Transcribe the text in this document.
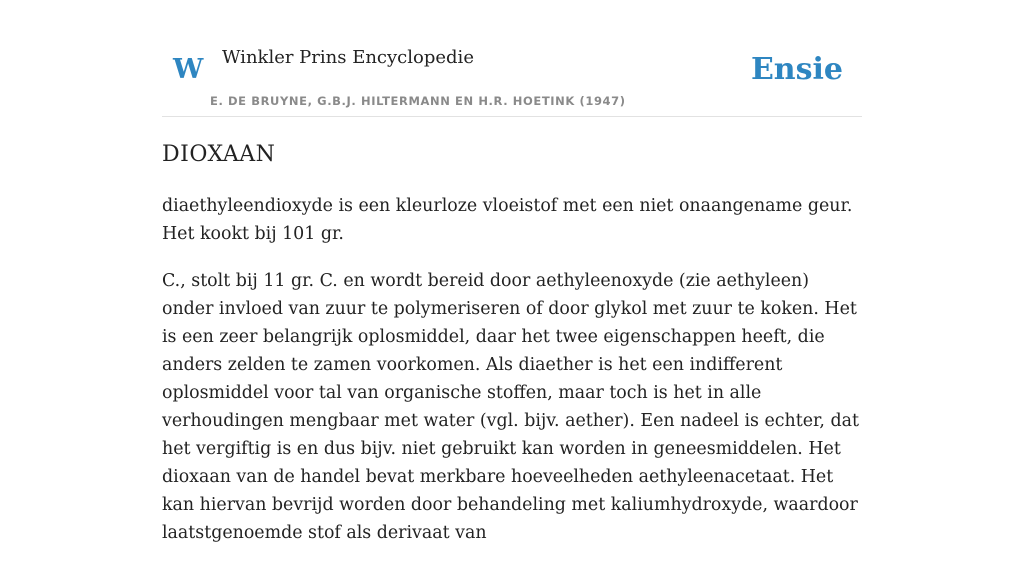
W Winkler Prins Encyclopedie
E. DE BRUYNE, G.B.J. HILTERMANN EN H.R. HOETINK (1947)
Ensie
DIOXAAN

diaethyleendioxyde is een kleurloze vloeistof met een niet onaangename geur. Het kookt bij 101 gr.

C., stolt bij 11 gr. C. en wordt bereid door aethyleenoxyde (zie aethyleen) onder invloed van zuur te polymeriseren of door glykol met zuur te koken. Het is een zeer belangrijk oplosmiddel, daar het twee eigenschappen heeft, die anders zelden te zamen voorkomen. Als diaether is het een indifferent oplosmiddel voor tal van organische stoffen, maar toch is het in alle verhoudingen mengbaar met water (vgl. bijv. aether). Een nadeel is echter, dat het vergiftig is en dus bijv. niet gebruikt kan worden in geneesmiddelen. Het dioxaan van de handel bevat merkbare hoeveelheden aethyleenacetaat. Het kan hiervan bevrijd worden door behandeling met kaliumhydroxyde, waardoor laatstgenoemde stof als derivaat van
